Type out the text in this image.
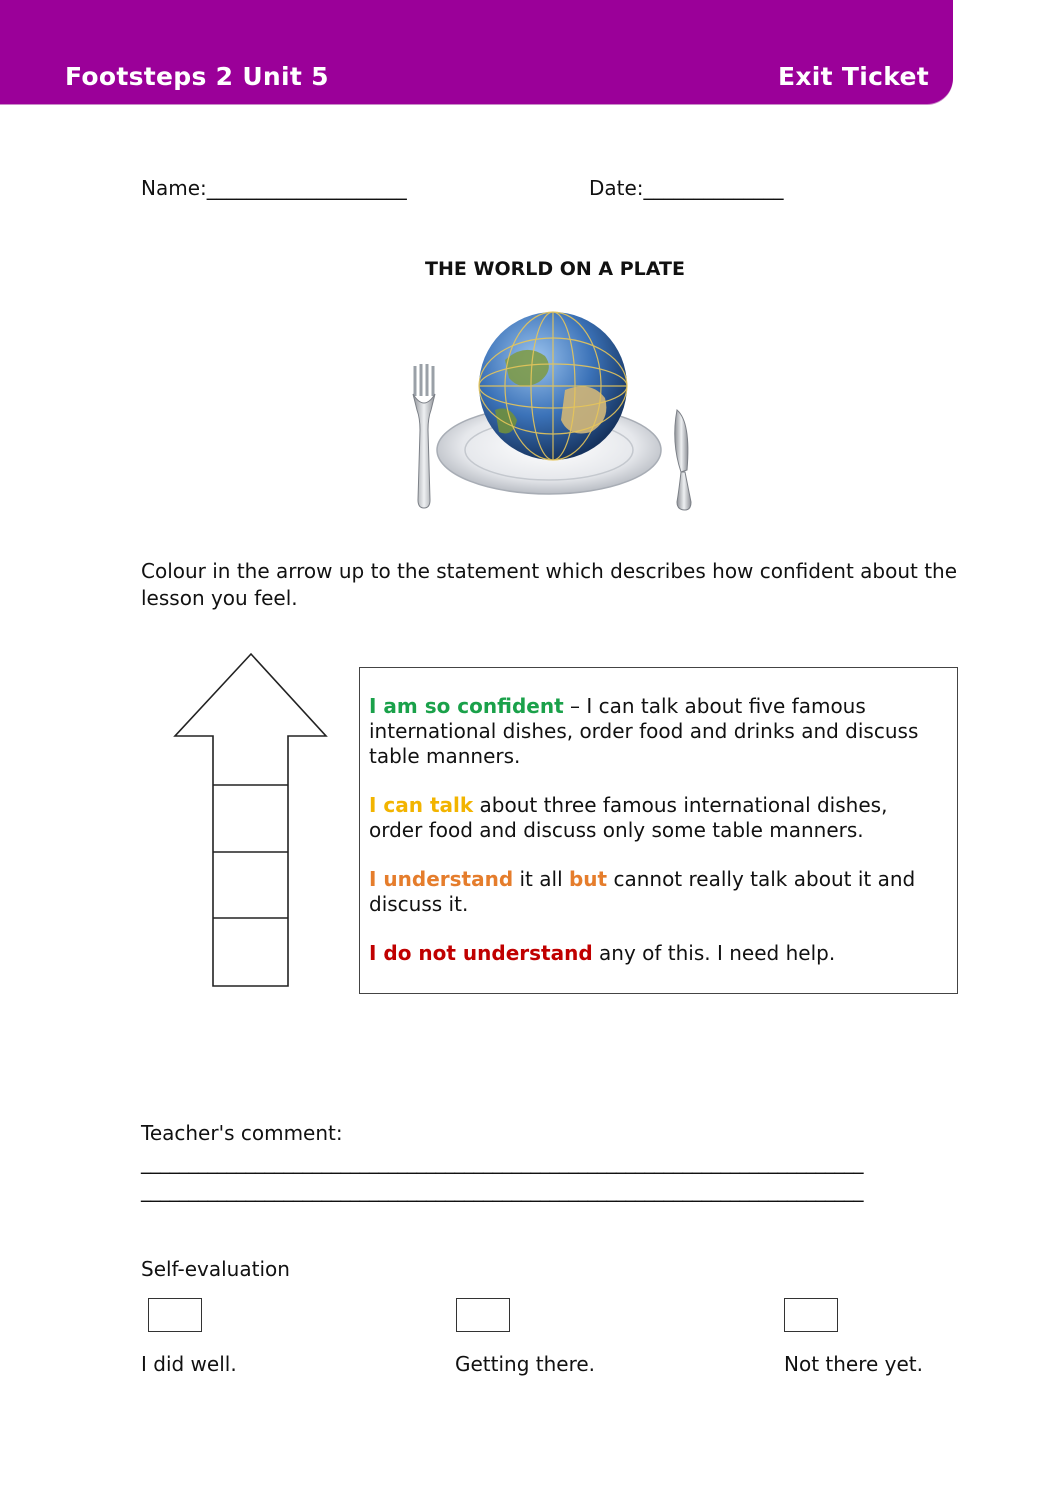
Footsteps 2 Unit 5	Exit Ticket
Name:____________________	Date:______________
THE WORLD ON A PLATE
Colour in the arrow up to the statement which describes how confident about the lesson you feel.

I am so confident – I can talk about five famous international dishes, order food and drinks and discuss table manners.

I can talk about three famous international dishes, order food and discuss only some table manners.

I understand it all but cannot really talk about it and discuss it.

I do not understand any of this. I need help.

Teacher's comment:
____________________________________________________________________________
____________________________________________________________________________
Self-evaluation
I did well.	Getting there.	Not there yet.
